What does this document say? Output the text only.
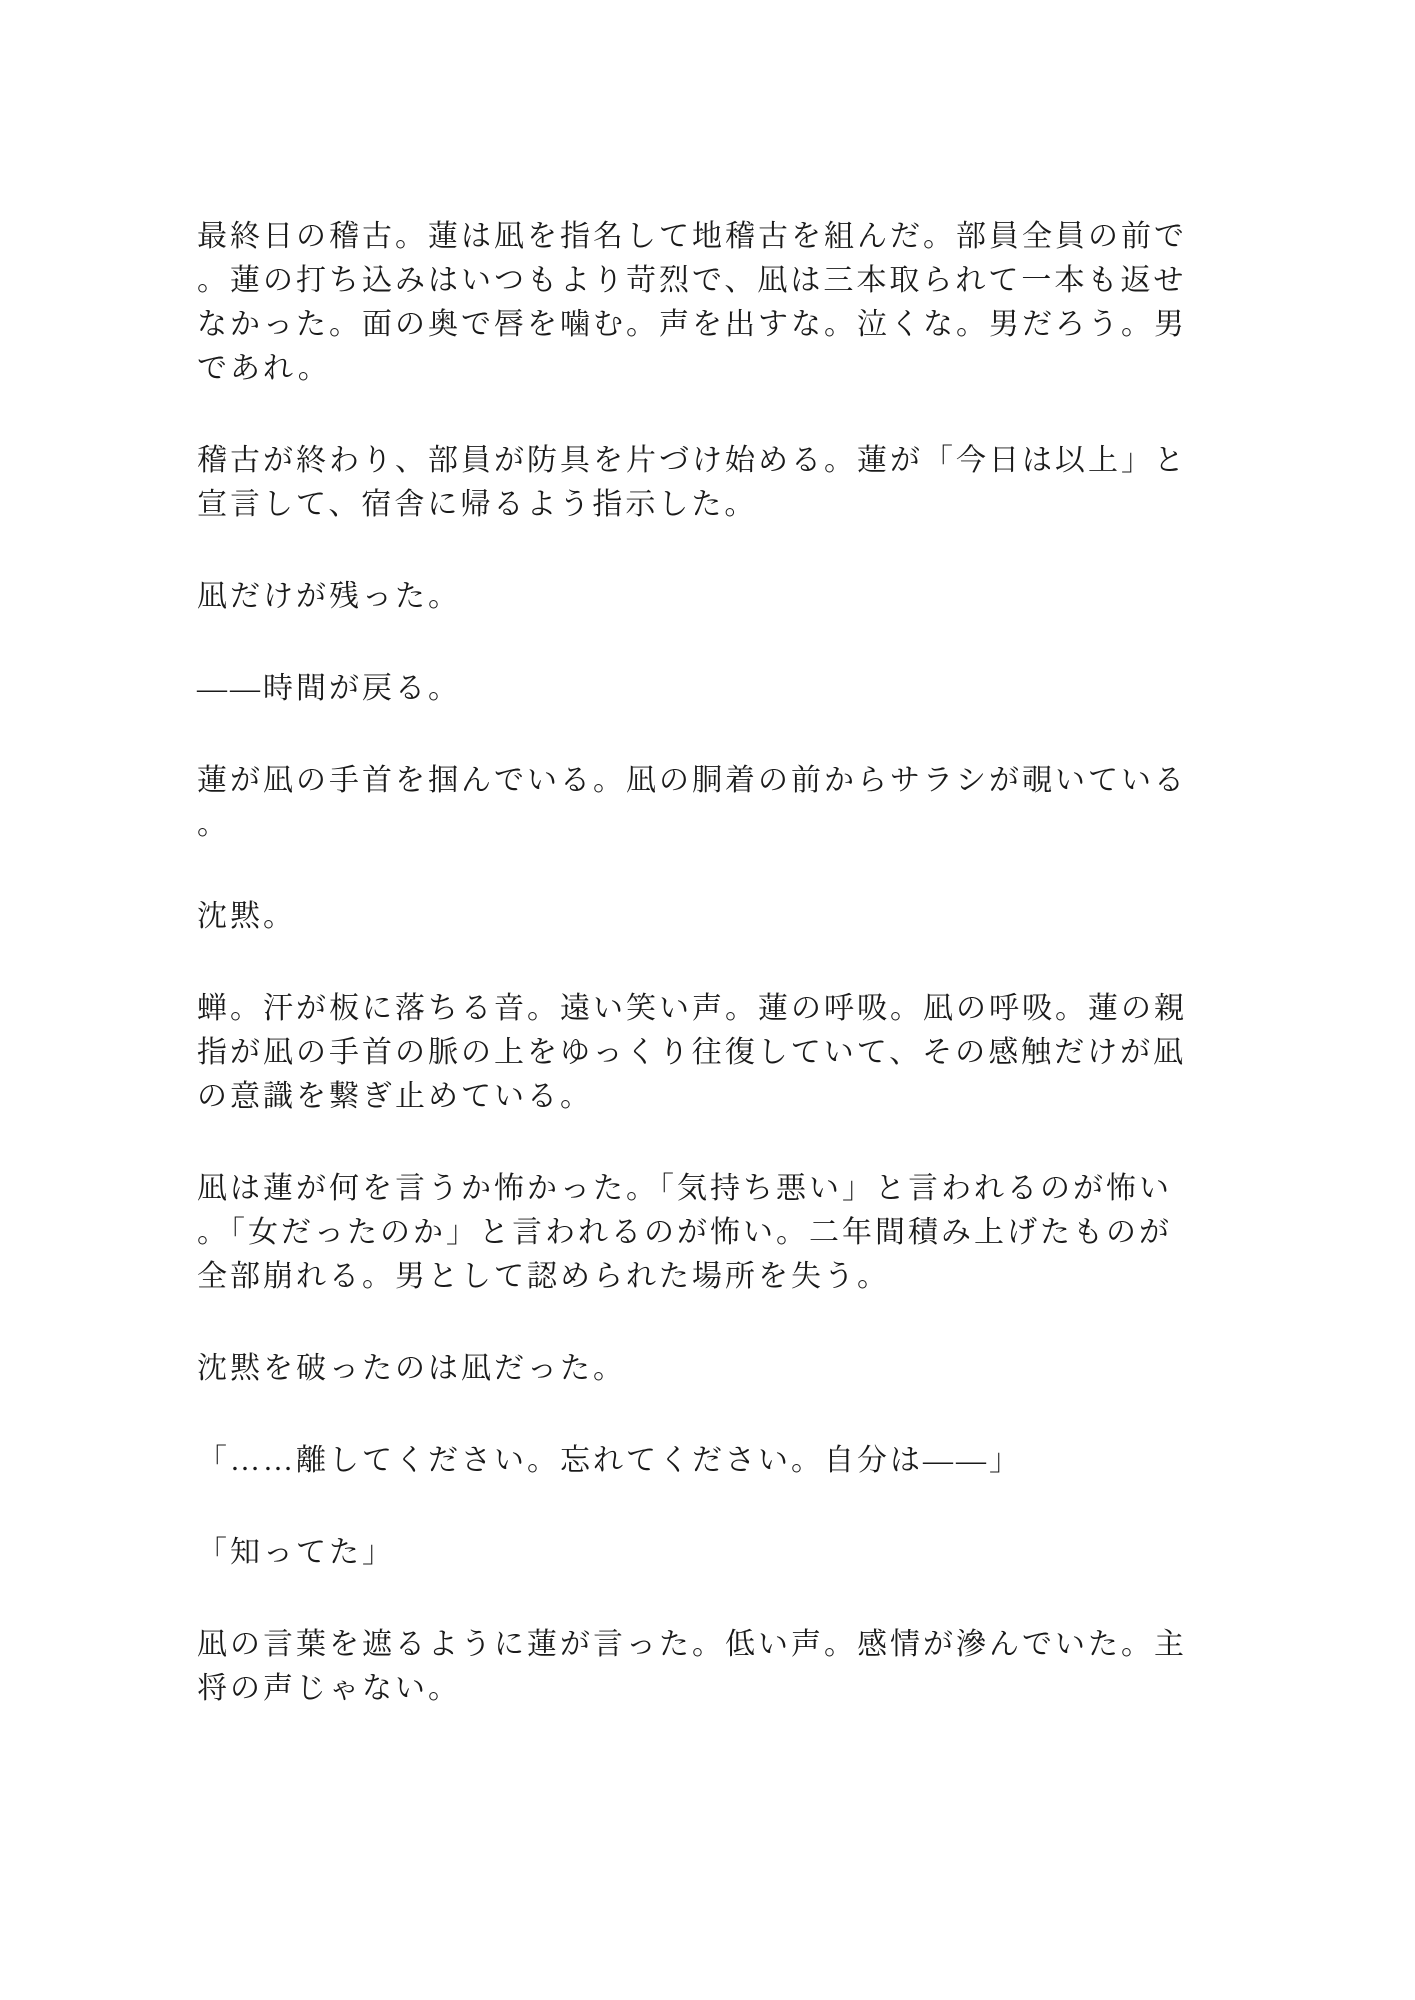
最終日の稽古。蓮は凪を指名して地稽古を組んだ。部員全員の前で
。蓮の打ち込みはいつもより苛烈で、凪は三本取られて一本も返せ
なかった。面の奥で唇を噛む。声を出すな。泣くな。男だろう。男
であれ。

稽古が終わり、部員が防具を片づけ始める。蓮が「今日は以上」と
宣言して、宿舎に帰るよう指示した。

凪だけが残った。

——時間が戻る。

蓮が凪の手首を掴んでいる。凪の胴着の前からサラシが覗いている
。

沈黙。

蝉。汗が板に落ちる音。遠い笑い声。蓮の呼吸。凪の呼吸。蓮の親
指が凪の手首の脈の上をゆっくり往復していて、その感触だけが凪
の意識を繋ぎ止めている。

凪は蓮が何を言うか怖かった。「気持ち悪い」と言われるのが怖い
。「女だったのか」と言われるのが怖い。二年間積み上げたものが
全部崩れる。男として認められた場所を失う。

沈黙を破ったのは凪だった。

「……離してください。忘れてください。自分は——」

「知ってた」

凪の言葉を遮るように蓮が言った。低い声。感情が滲んでいた。主
将の声じゃない。
